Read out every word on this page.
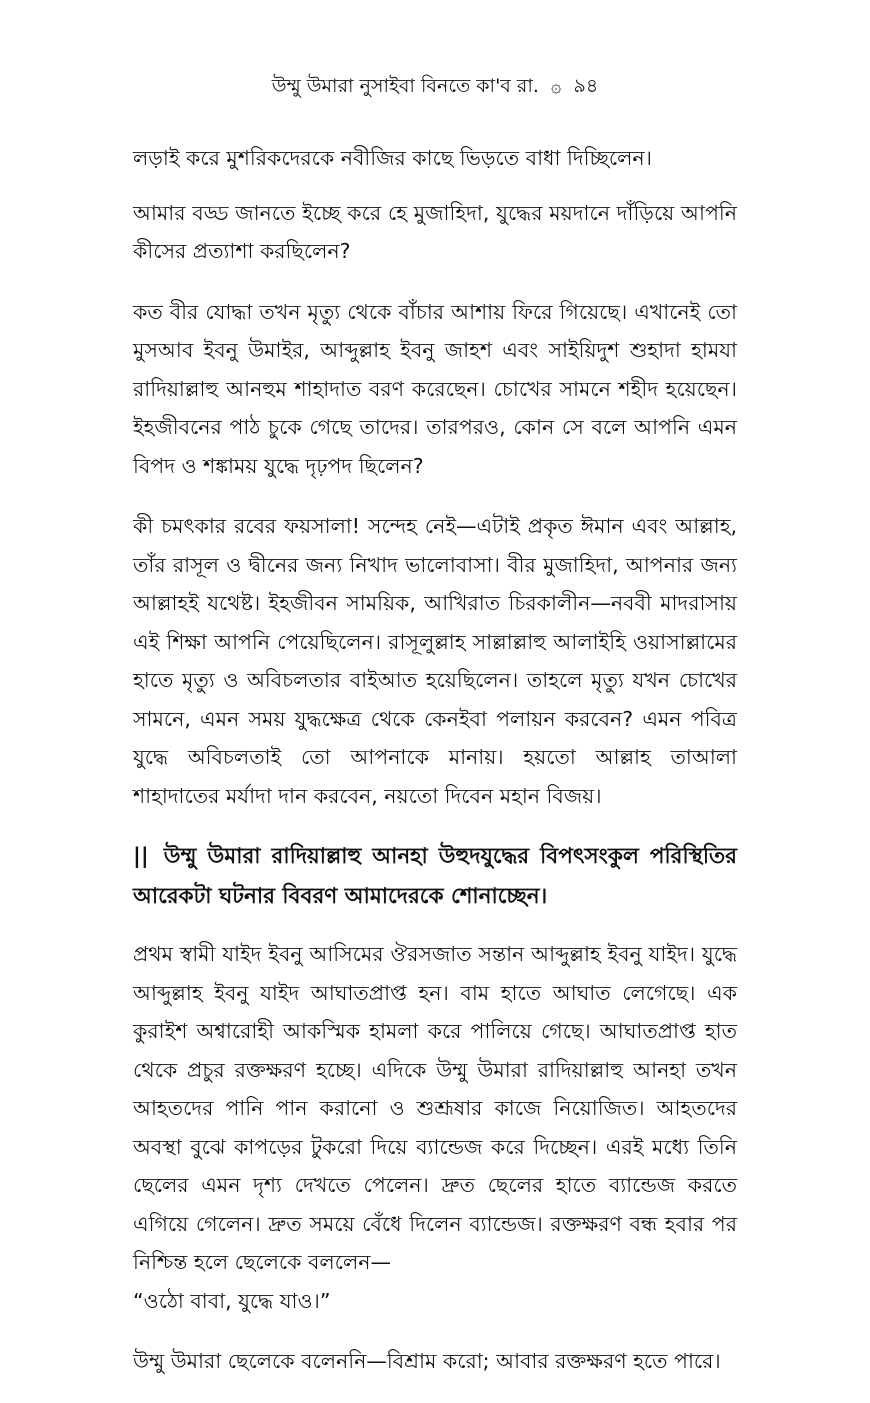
উম্মু উমারা নুসাইবা বিনতে কা'ব রা. ۞ ৯৪

লড়াই করে মুশরিকদেরকে নবীজির কাছে ভিড়তে বাধা দিচ্ছিলেন।

আমার বড্ড জানতে ইচ্ছে করে হে মুজাহিদা, যুদ্ধের ময়দানে দাঁড়িয়ে আপনি কীসের প্রত্যাশা করছিলেন?

কত বীর যোদ্ধা তখন মৃত্যু থেকে বাঁচার আশায় ফিরে গিয়েছে। এখানেই তো মুসআব ইবনু উমাইর, আব্দুল্লাহ ইবনু জাহশ এবং সাইয়িদুশ শুহাদা হামযা রাদিয়াল্লাহু আনহুম শাহাদাত বরণ করেছেন। চোখের সামনে শহীদ হয়েছেন। ইহজীবনের পাঠ চুকে গেছে তাদের। তারপরও, কোন সে বলে আপনি এমন বিপদ ও শঙ্কাময় যুদ্ধে দৃঢ়পদ ছিলেন?

কী চমৎকার রবের ফয়সালা! সন্দেহ নেই—এটাই প্রকৃত ঈমান এবং আল্লাহ, তাঁর রাসূল ও দ্বীনের জন্য নিখাদ ভালোবাসা। বীর মুজাহিদা, আপনার জন্য আল্লাহই যথেষ্ট। ইহজীবন সাময়িক, আখিরাত চিরকালীন—নববী মাদরাসায় এই শিক্ষা আপনি পেয়েছিলেন। রাসূলুল্লাহ সাল্লাল্লাহু আলাইহি ওয়াসাল্লামের হাতে মৃত্যু ও অবিচলতার বাইআত হয়েছিলেন। তাহলে মৃত্যু যখন চোখের সামনে, এমন সময় যুদ্ধক্ষেত্র থেকে কেনইবা পলায়ন করবেন? এমন পবিত্র যুদ্ধে অবিচলতাই তো আপনাকে মানায়। হয়তো আল্লাহ তাআলা শাহাদাতের মর্যাদা দান করবেন, নয়তো দিবেন মহান বিজয়।

|| উম্মু উমারা রাদিয়াল্লাহু আনহা উহুদযুদ্ধের বিপৎসংকুল পরিস্থিতির আরেকটা ঘটনার বিবরণ আমাদেরকে শোনাচ্ছেন।

প্রথম স্বামী যাইদ ইবনু আসিমের ঔরসজাত সন্তান আব্দুল্লাহ ইবনু যাইদ। যুদ্ধে আব্দুল্লাহ ইবনু যাইদ আঘাতপ্রাপ্ত হন। বাম হাতে আঘাত লেগেছে। এক কুরাইশ অশ্বারোহী আকস্মিক হামলা করে পালিয়ে গেছে। আঘাতপ্রাপ্ত হাত থেকে প্রচুর রক্তক্ষরণ হচ্ছে। এদিকে উম্মু উমারা রাদিয়াল্লাহু আনহা তখন আহতদের পানি পান করানো ও শুশ্রূষার কাজে নিয়োজিত। আহতদের অবস্থা বুঝে কাপড়ের টুকরো দিয়ে ব্যান্ডেজ করে দিচ্ছেন। এরই মধ্যে তিনি ছেলের এমন দৃশ্য দেখতে পেলেন। দ্রুত ছেলের হাতে ব্যান্ডেজ করতে এগিয়ে গেলেন। দ্রুত সময়ে বেঁধে দিলেন ব্যান্ডেজ। রক্তক্ষরণ বন্ধ হবার পর নিশ্চিন্ত হলে ছেলেকে বললেন—

“ওঠো বাবা, যুদ্ধে যাও।”

উম্মু উমারা ছেলেকে বলেননি—বিশ্রাম করো; আবার রক্তক্ষরণ হতে পারে।
